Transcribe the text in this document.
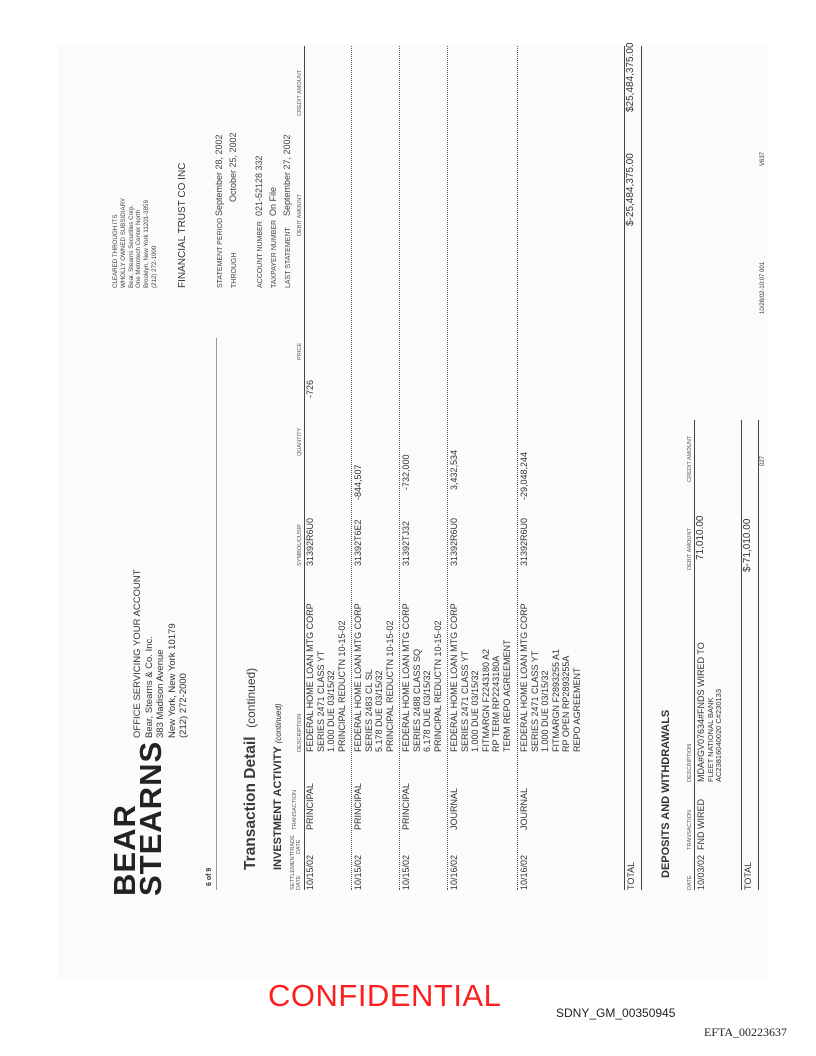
BEAR
STEARNS
OFFICE SERVICING YOUR ACCOUNT Bear, Stearns & Co. Inc. 383 Madison Avenue New York, New York 10179 (212) 272-2000
CLEARED THROUGH ITS WHOLLY OWNED SUBSIDIARY Bear, Stearns Securities Corp. One Metrotech Center North Brooklyn, New York 11201-3859 (212) 272-1000 FINANCIAL TRUST CO INC
6 of 9
Transaction Detail  (continued)
STATEMENT PERIODSeptember 28, 2002
THROUGHOctober 25, 2002
ACCOUNT NUMBER021-52128 332
TAXPAYER NUMBEROn File
LAST STATEMENTSeptember 27, 2002
INVESTMENT ACTIVITY (continued)
SETTLEMENT DATE
TRADE DATE
TRANSACTION
DESCRIPTION
SYMBOL/CUSIP
QUANTITY
PRICE
DEBIT AMOUNT
CREDIT AMOUNT
10/15/02
PRINCIPAL
FEDERAL HOME LOAN MTG CORP SERIES 2471 CLASS YT 1.000 DUE 03/15/32 PRINCIPAL REDUCTN 10-15-02
31392R6U0
-726
10/15/02
PRINCIPAL
FEDERAL HOME LOAN MTG CORP SERIES 2483 CL SL 5.178 DUE 03/15/32 PRINCIPAL REDUCTN 10-15-02
31392T6E2
-844,507
10/15/02
PRINCIPAL
FEDERAL HOME LOAN MTG CORP SERIES 2488 CLASS SQ 6.178 DUE 03/15/32 PRINCIPAL REDUCTN 10-15-02
31392TJ32
-732,000
10/16/02
JOURNAL
FEDERAL HOME LOAN MTG CORP SERIES 2471 CLASS YT 1.000 DUE 03/15/32 FITMARGN F2243180 A2 RP TERM RP2243180A TERM REPO AGREEMENT
31392R6U0
3,432,534
10/16/02
JOURNAL
FEDERAL HOME LOAN MTG CORP SERIES 2471 CLASS YT 1.000 DUE 03/15/32 FITMARGN F2893255 A1 RP OPEN RP2893255A REPO AGREEMENT
31392R6U0
-29,048,244
TOTAL
$-25,484,375.00
$25,484,375.00
DEPOSITS AND WITHDRAWALS
DATE
TRANSACTION
DESCRIPTION
DEBIT AMOUNT
CREDIT AMOUNT
10/03/02
FND WIRED
MDA#GV07634#FNDS WIRED TO FLEET NATIONAL BANK AC23816040020 C#230133
71,010.00
TOTAL
$-71,010.00
027
10/28/02-10:07 001
V637
CONFIDENTIAL	SDNY_GM_00350945
EFTA_00223637
